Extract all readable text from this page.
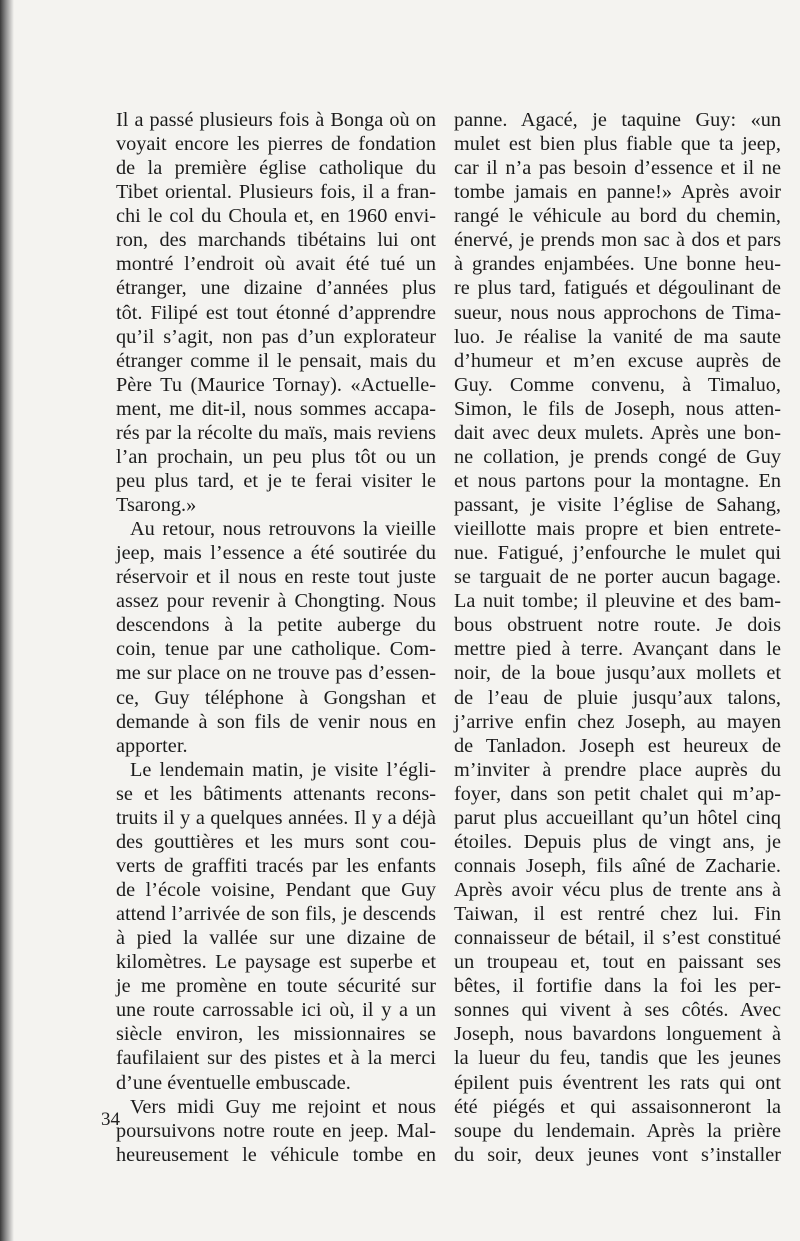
Il a passé plusieurs fois à Bonga où on
voyait encore les pierres de fondation
de la première église catholique du
Tibet oriental. Plusieurs fois, il a fran-
chi le col du Choula et, en 1960 envi-
ron, des marchands tibétains lui ont
montré l’endroit où avait été tué un
étranger, une dizaine d’années plus
tôt. Filipé est tout étonné d’apprendre
qu’il s’agit, non pas d’un explorateur
étranger comme il le pensait, mais du
Père Tu (Maurice Tornay). «Actuelle-
ment, me dit-il, nous sommes accapa-
rés par la récolte du maïs, mais reviens
l’an prochain, un peu plus tôt ou un
peu plus tard, et je te ferai visiter le
Tsarong.»
Au retour, nous retrouvons la vieille
jeep, mais l’essence a été soutirée du
réservoir et il nous en reste tout juste
assez pour revenir à Chongting. Nous
descendons à la petite auberge du
coin, tenue par une catholique. Com-
me sur place on ne trouve pas d’essen-
ce, Guy téléphone à Gongshan et
demande à son fils de venir nous en
apporter.
Le lendemain matin, je visite l’égli-
se et les bâtiments attenants recons-
truits il y a quelques années. Il y a déjà
des gouttières et les murs sont cou-
verts de graffiti tracés par les enfants
de l’école voisine, Pendant que Guy
attend l’arrivée de son fils, je descends
à pied la vallée sur une dizaine de
kilomètres. Le paysage est superbe et
je me promène en toute sécurité sur
une route carrossable ici où, il y a un
siècle environ, les missionnaires se
faufilaient sur des pistes et à la merci
d’une éventuelle embuscade.
Vers midi Guy me rejoint et nous
poursuivons notre route en jeep. Mal-
heureusement le véhicule tombe en
panne. Agacé, je taquine Guy: «un
mulet est bien plus fiable que ta jeep,
car il n’a pas besoin d’essence et il ne
tombe jamais en panne!» Après avoir
rangé le véhicule au bord du chemin,
énervé, je prends mon sac à dos et pars
à grandes enjambées. Une bonne heu-
re plus tard, fatigués et dégoulinant de
sueur, nous nous approchons de Tima-
luo. Je réalise la vanité de ma saute
d’humeur et m’en excuse auprès de
Guy. Comme convenu, à Timaluo,
Simon, le fils de Joseph, nous atten-
dait avec deux mulets. Après une bon-
ne collation, je prends congé de Guy
et nous partons pour la montagne. En
passant, je visite l’église de Sahang,
vieillotte mais propre et bien entrete-
nue. Fatigué, j’enfourche le mulet qui
se targuait de ne porter aucun bagage.
La nuit tombe; il pleuvine et des bam-
bous obstruent notre route. Je dois
mettre pied à terre. Avançant dans le
noir, de la boue jusqu’aux mollets et
de l’eau de pluie jusqu’aux talons,
j’arrive enfin chez Joseph, au mayen
de Tanladon. Joseph est heureux de
m’inviter à prendre place auprès du
foyer, dans son petit chalet qui m’ap-
parut plus accueillant qu’un hôtel cinq
étoiles. Depuis plus de vingt ans, je
connais Joseph, fils aîné de Zacharie.
Après avoir vécu plus de trente ans à
Taiwan, il est rentré chez lui. Fin
connaisseur de bétail, il s’est constitué
un troupeau et, tout en paissant ses
bêtes, il fortifie dans la foi les per-
sonnes qui vivent à ses côtés. Avec
Joseph, nous bavardons longuement à
la lueur du feu, tandis que les jeunes
épilent puis éventrent les rats qui ont
été piégés et qui assaisonneront la
soupe du lendemain. Après la prière
du soir, deux jeunes vont s’installer
34
